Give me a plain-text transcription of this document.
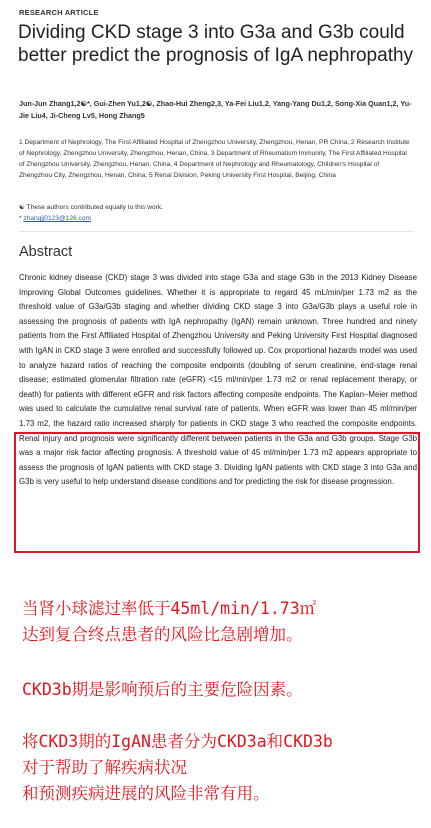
RESEARCH ARTICLE
Dividing CKD stage 3 into G3a and G3b could better predict the prognosis of IgA nephropathy
Jun-Jun Zhang1,2☯*, Gui-Zhen Yu1,2☯, Zhao-Hui Zheng2,3, Ya-Fei Liu1,2, Yang-Yang Du1,2, Song-Xia Quan1,2, Yu-Jie Liu4, Ji-Cheng Lv5, Hong Zhang5
1 Department of Nephrology, The First Affiliated Hospital of Zhengzhou University, Zhengzhou, Henan, PR China, 2 Research Institute of Nephrology, Zhengzhou University, Zhengzhou, Henan, China, 3 Department of Rheumatism Immunity, The First Affiliated Hospital of Zhengzhou University, Zhengzhou, Henan, China, 4 Department of Nephrology and Rheumatology, Children's Hospital of Zhengzhou City, Zhengzhou, Henan, China, 5 Renal Division, Peking University First Hospital, Beijing, China
☯ These authors contributed equally to this work.
* zhangjj0123@126.com
Abstract

Chronic kidney disease (CKD) stage 3 was divided into stage G3a and stage G3b in the 2013 Kidney Disease Improving Global Outcomes guidelines. Whether it is appropriate to regard 45 mL/min/per 1.73 m2 as the threshold value of G3a/G3b staging and whether dividing CKD stage 3 into G3a/G3b plays a useful role in assessing the prognosis of patients with IgA nephropathy (IgAN) remain unknown. Three hundred and ninety patients from the First Affiliated Hospital of Zhengzhou University and Peking University First Hospital diagnosed with IgAN in CKD stage 3 were enrolled and successfully followed up. Cox proportional hazards model was used to analyze hazard ratios of reaching the composite endpoints (doubling of serum creatinine, end-stage renal disease; estimated glomerular filtration rate (eGFR) <15 ml/min/per 1.73 m2 or renal replacement therapy, or death) for patients with different eGFR and risk factors affecting composite endpoints. The Kaplan–Meier method was used to calculate the cumulative renal survival rate of patients. When eGFR was lower than 45 ml/min/per 1.73 m2, the hazard ratio increased sharply for patients in CKD stage 3 who reached the composite endpoints. Renal injury and prognosis were significantly different between patients in the G3a and G3b groups. Stage G3b was a major risk factor affecting prognosis. A threshold value of 45 ml/min/per 1.73 m2 appears appropriate to assess the prognosis of IgAN patients with CKD stage 3. Dividing IgAN patients with CKD stage 3 into G3a and G3b is very useful to help understand disease conditions and for predicting the risk for disease progression.

当肾小球滤过率低于45ml/min/1.73㎡
达到复合终点患者的风险比急剧增加。
CKD3b期是影响预后的主要危险因素。
将CKD3期的IgAN患者分为CKD3a和CKD3b
对于帮助了解疾病状况
和预测疾病进展的风险非常有用。
